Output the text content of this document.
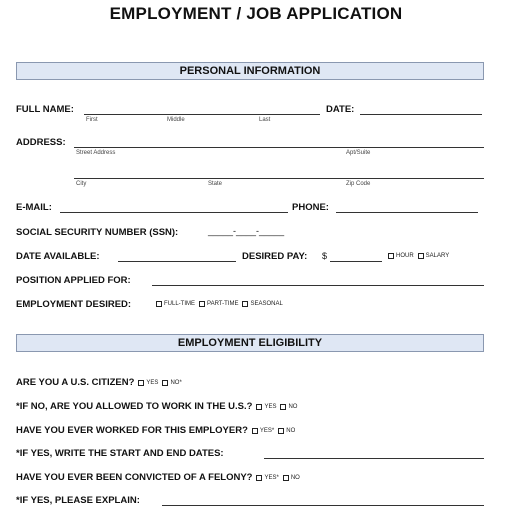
EMPLOYMENT / JOB APPLICATION
PERSONAL INFORMATION
FULL NAME:	DATE:
First	Middle	Last
ADDRESS:
Street Address	Apt/Suite
City	State	Zip Code
E-MAIL:	PHONE:
SOCIAL SECURITY NUMBER (SSN):	_____-____-_____
DATE AVAILABLE:	DESIRED PAY: $	HOUR SALARY
POSITION APPLIED FOR:
EMPLOYMENT DESIRED:	FULL-TIME PART-TIME SEASONAL
EMPLOYMENT ELIGIBILITY
ARE YOU A U.S. CITIZEN? YES NO*
*IF NO, ARE YOU ALLOWED TO WORK IN THE U.S.? YES NO
HAVE YOU EVER WORKED FOR THIS EMPLOYER? YES* NO
*IF YES, WRITE THE START AND END DATES:
HAVE YOU EVER BEEN CONVICTED OF A FELONY? YES* NO
*IF YES, PLEASE EXPLAIN:
